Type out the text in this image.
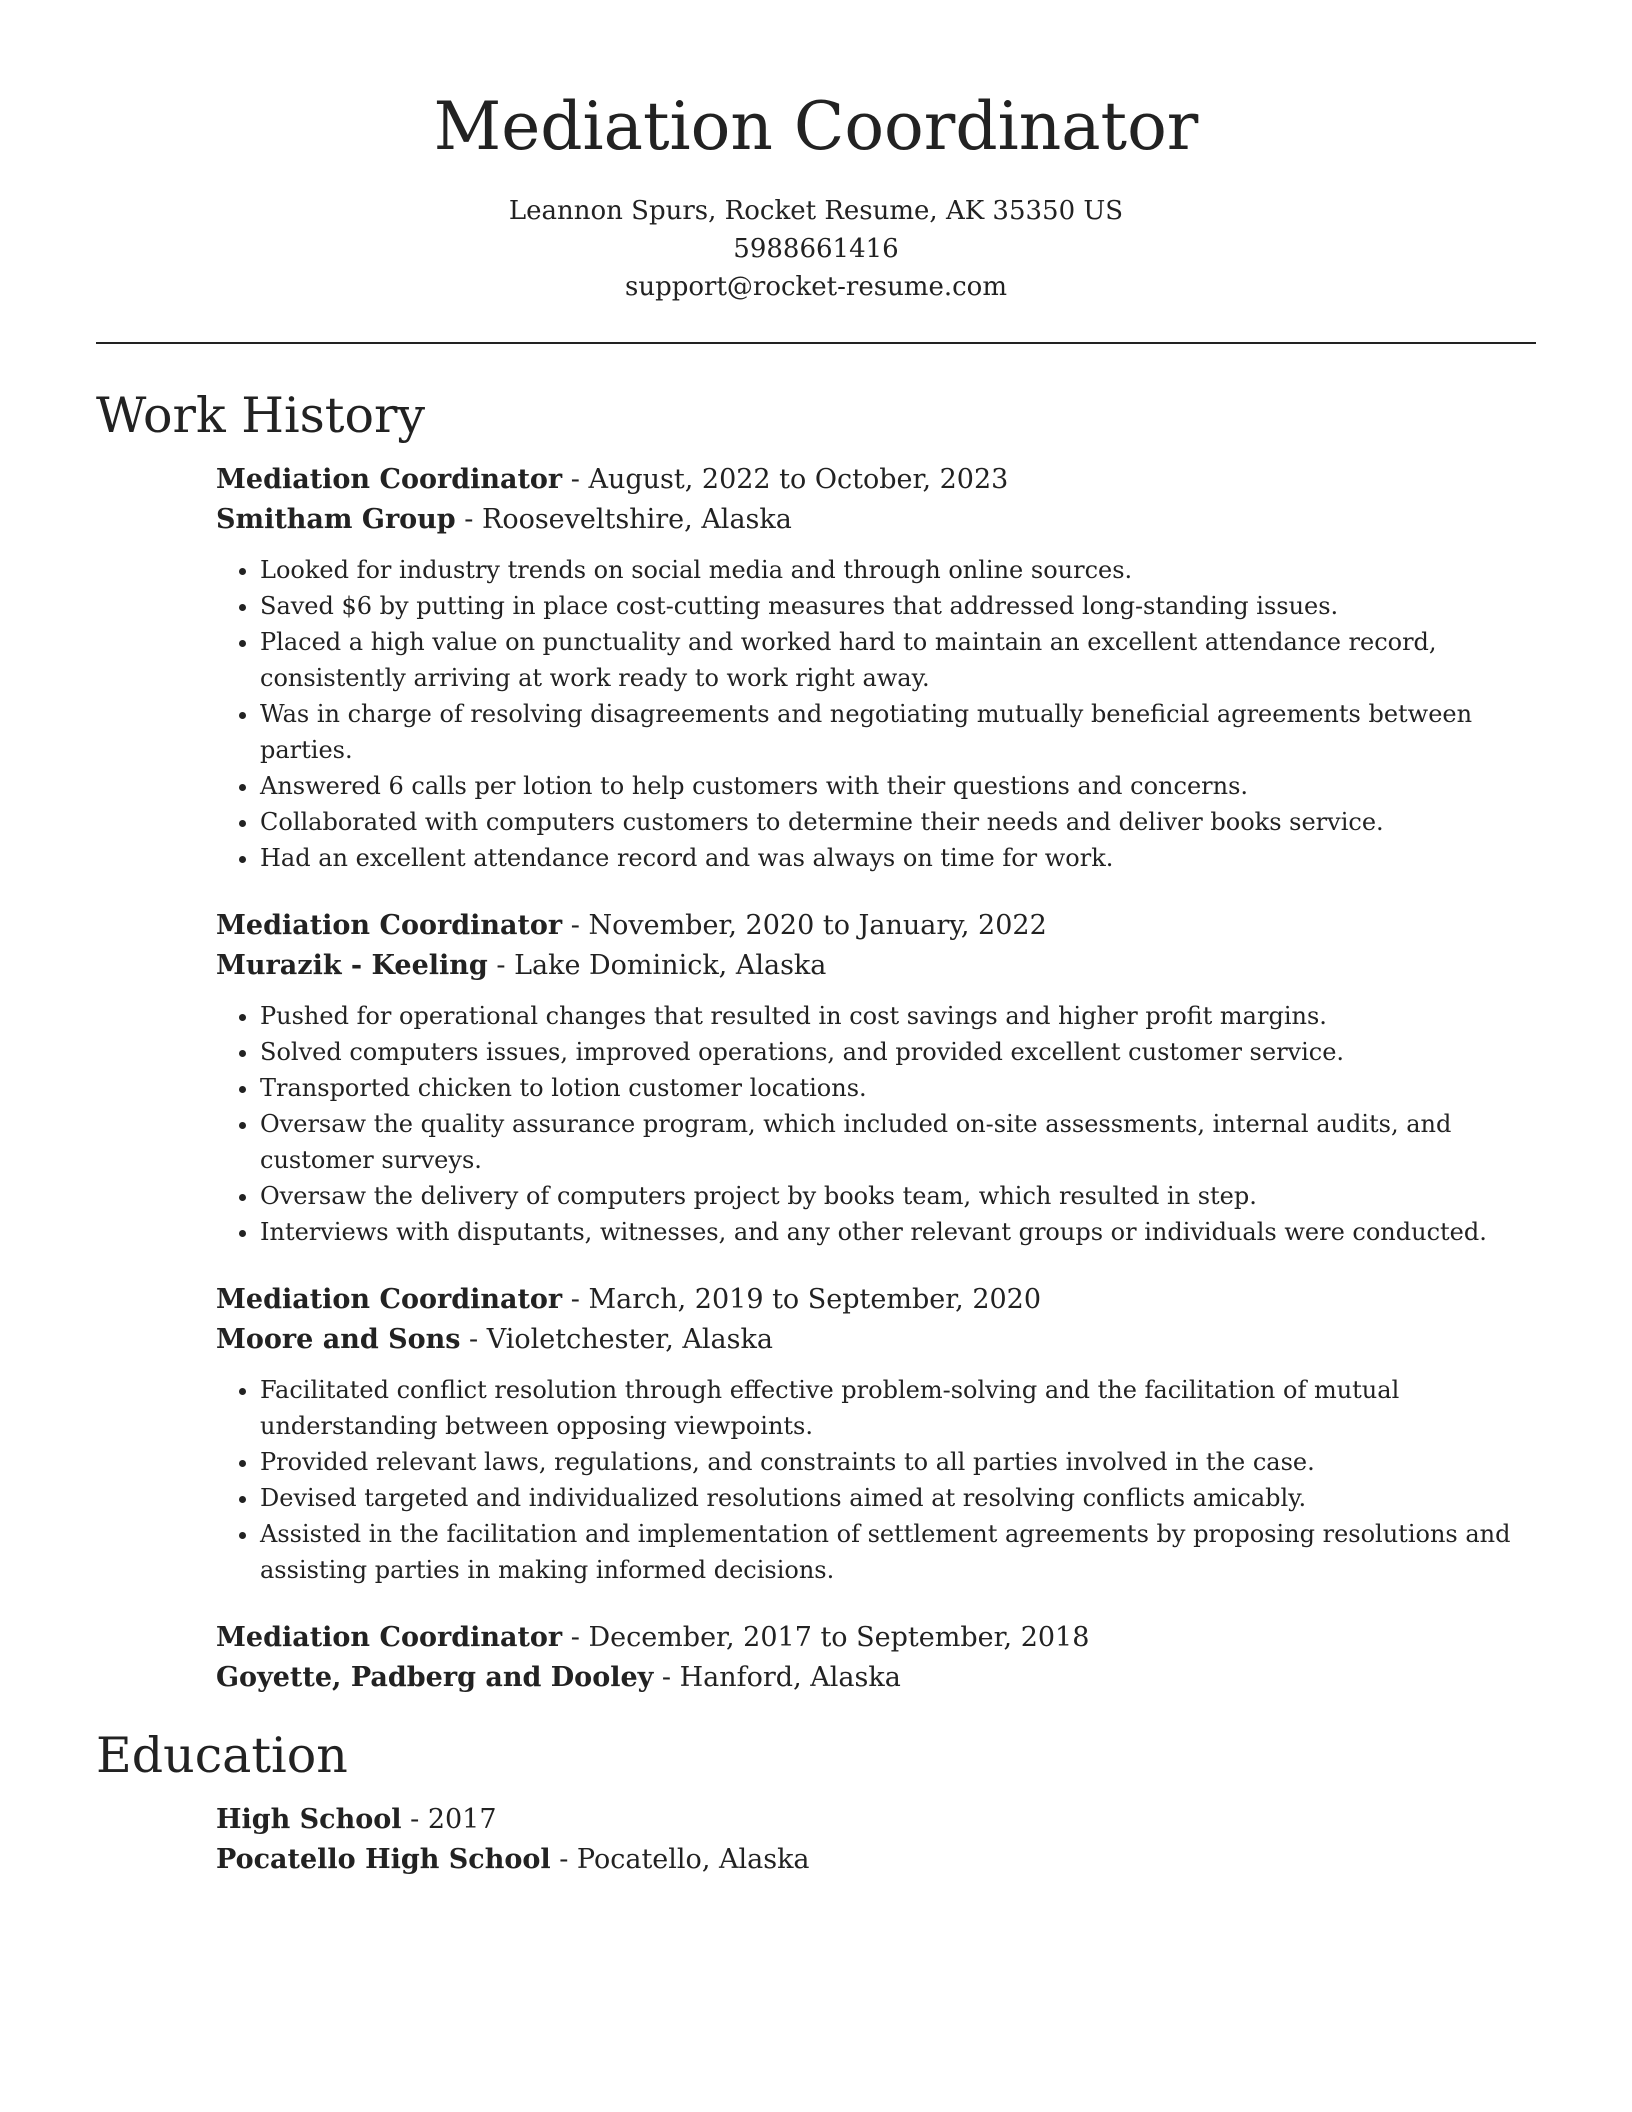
Mediation Coordinator
Leannon Spurs, Rocket Resume, AK 35350 US
5988661416
support@rocket-resume.com
Work History
Mediation Coordinator - August, 2022 to October, 2023
Smitham Group - Rooseveltshire, Alaska
• Looked for industry trends on social media and through online sources.
• Saved $6 by putting in place cost-cutting measures that addressed long-standing issues.
• Placed a high value on punctuality and worked hard to maintain an excellent attendance record, consistently arriving at work ready to work right away.
• Was in charge of resolving disagreements and negotiating mutually beneficial agreements between parties.
• Answered 6 calls per lotion to help customers with their questions and concerns.
• Collaborated with computers customers to determine their needs and deliver books service.
• Had an excellent attendance record and was always on time for work.
Mediation Coordinator - November, 2020 to January, 2022
Murazik - Keeling - Lake Dominick, Alaska
• Pushed for operational changes that resulted in cost savings and higher profit margins.
• Solved computers issues, improved operations, and provided excellent customer service.
• Transported chicken to lotion customer locations.
• Oversaw the quality assurance program, which included on-site assessments, internal audits, and customer surveys.
• Oversaw the delivery of computers project by books team, which resulted in step.
• Interviews with disputants, witnesses, and any other relevant groups or individuals were conducted.
Mediation Coordinator - March, 2019 to September, 2020
Moore and Sons - Violetchester, Alaska
• Facilitated conflict resolution through effective problem-solving and the facilitation of mutual understanding between opposing viewpoints.
• Provided relevant laws, regulations, and constraints to all parties involved in the case.
• Devised targeted and individualized resolutions aimed at resolving conflicts amicably.
• Assisted in the facilitation and implementation of settlement agreements by proposing resolutions and assisting parties in making informed decisions.
Mediation Coordinator - December, 2017 to September, 2018
Goyette, Padberg and Dooley - Hanford, Alaska
Education
High School - 2017
Pocatello High School - Pocatello, Alaska
